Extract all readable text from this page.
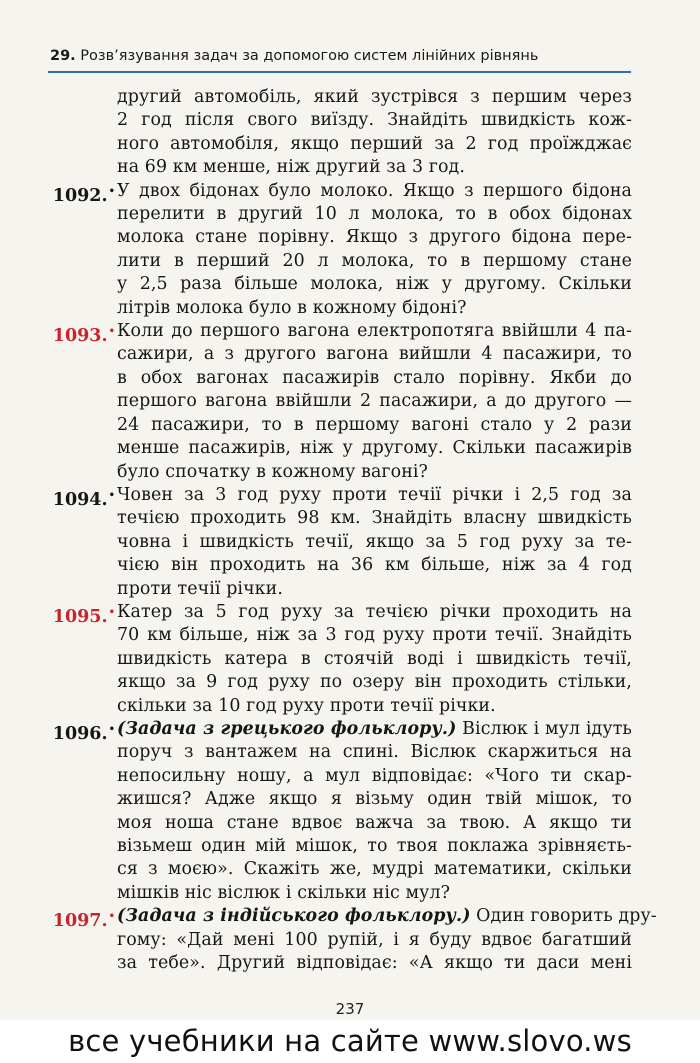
29. Розв’язування задач за допомогою систем лінійних рівнянь
другий автомобіль, який зустрівся з першим через
2 год після свого виїзду. Знайдіть швидкість кож-
ного автомобіля, якщо перший за 2 год проїжджає
на 69 км менше, ніж другий за 3 год.
1092.• У двох бідонах було молоко. Якщо з першого бідона
перелити в другий 10 л молока, то в обох бідонах
молока стане порівну. Якщо з другого бідона пере-
лити в перший 20 л молока, то в першому стане
у 2,5 раза більше молока, ніж у другому. Скільки
літрів молока було в кожному бідоні?
1093.• Коли до першого вагона електропотяга ввійшли 4 па-
сажири, а з другого вагона вийшли 4 пасажири, то
в обох вагонах пасажирів стало порівну. Якби до
першого вагона ввійшли 2 пасажири, а до другого —
24 пасажири, то в першому вагоні стало у 2 рази
менше пасажирів, ніж у другому. Скільки пасажирів
було спочатку в кожному вагоні?
1094.• Човен за 3 год руху проти течії річки і 2,5 год за
течією проходить 98 км. Знайдіть власну швидкість
човна і швидкість течії, якщо за 5 год руху за те-
чією він проходить на 36 км більше, ніж за 4 год
проти течії річки.
1095.• Катер за 5 год руху за течією річки проходить на
70 км більше, ніж за 3 год руху проти течії. Знайдіть
швидкість катера в стоячій воді і швидкість течії,
якщо за 9 год руху по озеру він проходить стільки,
скільки за 10 год руху проти течії річки.
1096.• (Задача з грецького фольклору.) Віслюк і мул ідуть
поруч з вантажем на спині. Віслюк скаржиться на
непосильну ношу, а мул відповідає: «Чого ти скар-
жишся? Адже якщо я візьму один твій мішок, то
моя ноша стане вдвоє важча за твою. А якщо ти
візьмеш один мій мішок, то твоя поклажа зрівняєть-
ся з моєю». Скажіть же, мудрі математики, скільки
мішків ніс віслюк і скільки ніс мул?
1097.• (Задача з індійського фольклору.) Один говорить дру-
гому: «Дай мені 100 рупій, і я буду вдвоє багатший
за тебе». Другий відповідає: «А якщо ти даси мені
237
все учебники на сайте www.slovo.ws
